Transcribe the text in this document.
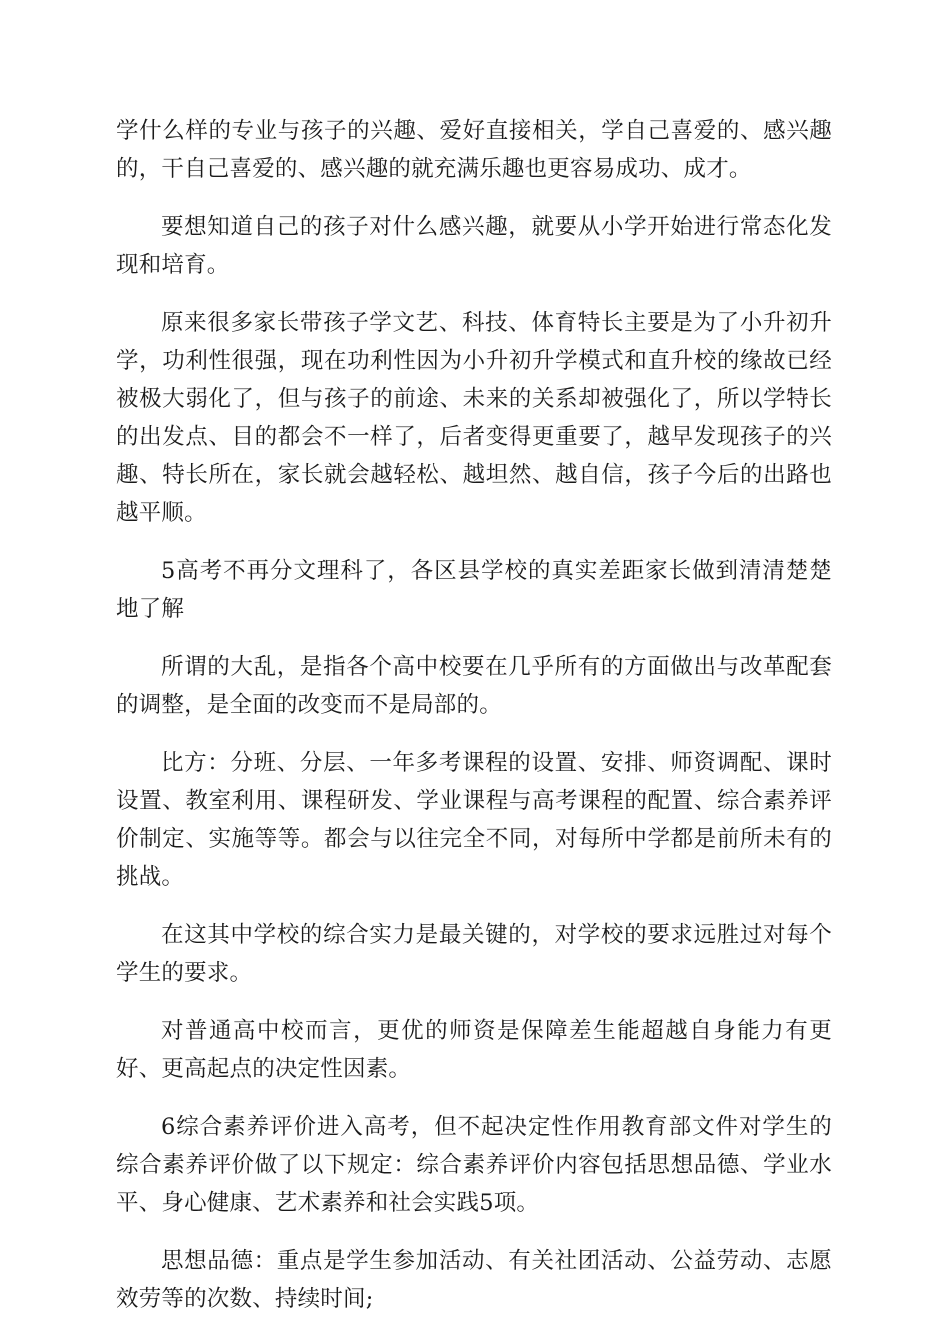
学什么样的专业与孩子的兴趣、爱好直接相关，学自己喜爱的、感兴趣的，干自己喜爱的、感兴趣的就充满乐趣也更容易成功、成才。

要想知道自己的孩子对什么感兴趣，就要从小学开始进行常态化发现和培育。

原来很多家长带孩子学文艺、科技、体育特长主要是为了小升初升学，功利性很强，现在功利性因为小升初升学模式和直升校的缘故已经被极大弱化了，但与孩子的前途、未来的关系却被强化了，所以学特长的出发点、目的都会不一样了，后者变得更重要了，越早发现孩子的兴趣、特长所在，家长就会越轻松、越坦然、越自信，孩子今后的出路也越平顺。

5高考不再分文理科了，各区县学校的真实差距家长做到清清楚楚地了解

所谓的大乱，是指各个高中校要在几乎所有的方面做出与改革配套的调整，是全面的改变而不是局部的。

比方：分班、分层、一年多考课程的设置、安排、师资调配、课时设置、教室利用、课程研发、学业课程与高考课程的配置、综合素养评价制定、实施等等。都会与以往完全不同，对每所中学都是前所未有的挑战。

在这其中学校的综合实力是最关键的，对学校的要求远胜过对每个学生的要求。

对普通高中校而言，更优的师资是保障差生能超越自身能力有更好、更高起点的决定性因素。

6综合素养评价进入高考，但不起决定性作用教育部文件对学生的综合素养评价做了以下规定：综合素养评价内容包括思想品德、学业水平、身心健康、艺术素养和社会实践5项。

思想品德：重点是学生参加活动、有关社团活动、公益劳动、志愿效劳等的次数、持续时间;
